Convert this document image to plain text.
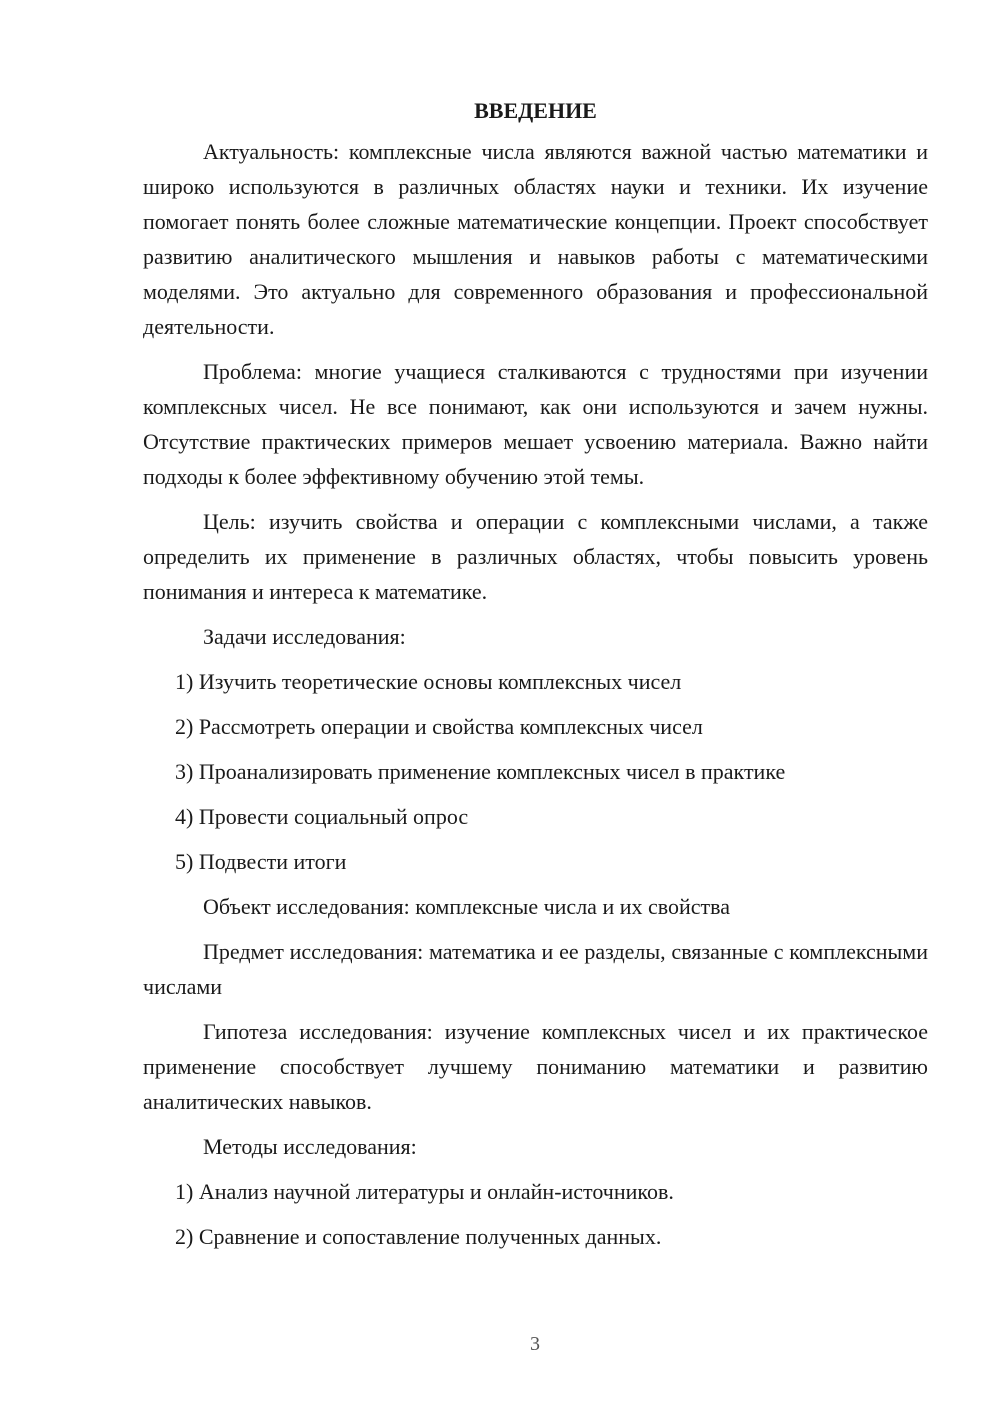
ВВЕДЕНИЕ

Актуальность: комплексные числа являются важной частью математики и широко используются в различных областях науки и техники. Их изучение помогает понять более сложные математические концепции. Проект способствует развитию аналитического мышления и навыков работы с математическими моделями. Это актуально для современного образования и профессиональной деятельности.

Проблема: многие учащиеся сталкиваются с трудностями при изучении комплексных чисел. Не все понимают, как они используются и зачем нужны. Отсутствие практических примеров мешает усвоению материала. Важно найти подходы к более эффективному обучению этой темы.

Цель: изучить свойства и операции с комплексными числами, а также определить их применение в различных областях, чтобы повысить уровень понимания и интереса к математике.

Задачи исследования:

1) Изучить теоретические основы комплексных чисел

2) Рассмотреть операции и свойства комплексных чисел

3) Проанализировать применение комплексных чисел в практике

4) Провести социальный опрос

5) Подвести итоги

Объект исследования: комплексные числа и их свойства

Предмет исследования: математика и ее разделы, связанные с комплексными числами

Гипотеза исследования: изучение комплексных чисел и их практическое применение способствует лучшему пониманию математики и развитию аналитических навыков.

Методы исследования:

1) Анализ научной литературы и онлайн-источников.

2) Сравнение и сопоставление полученных данных.

3
